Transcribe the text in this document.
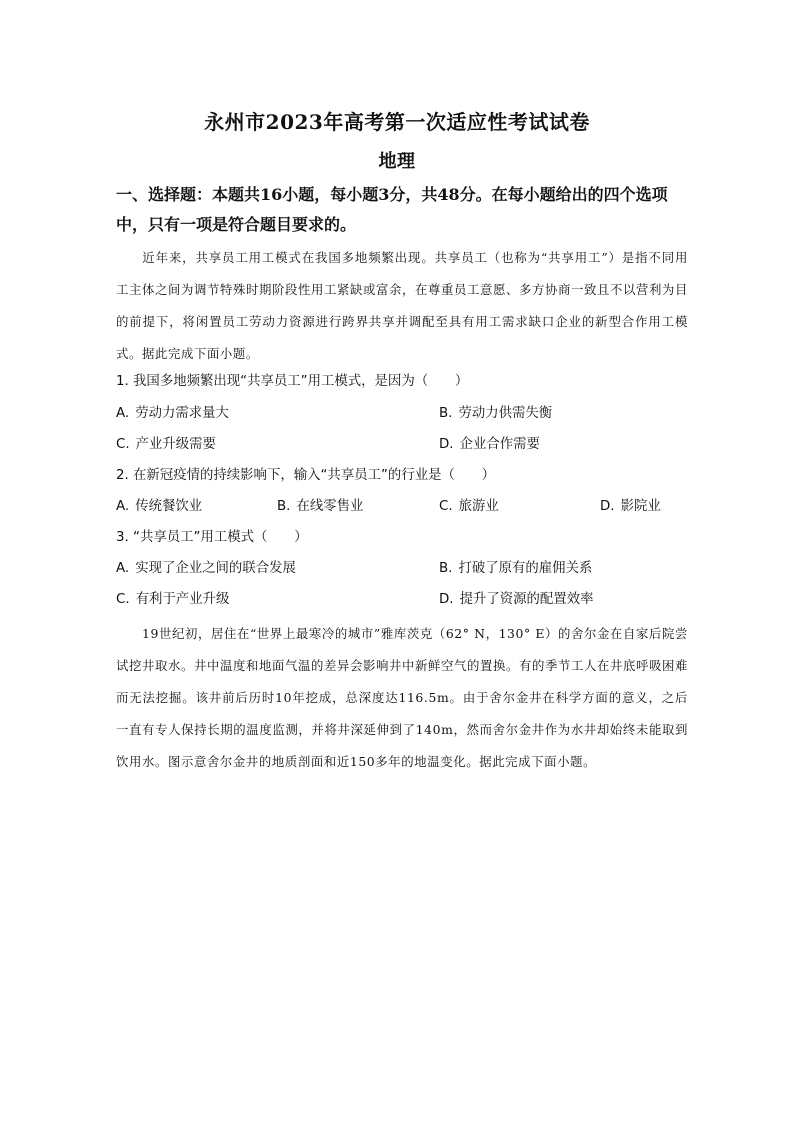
永州市2023年高考第一次适应性考试试卷
地理
一、选择题：本题共16小题，每小题3分，共48分。在每小题给出的四个选项
中，只有一项是符合题目要求的。
近年来，共享员工用工模式在我国多地频繁出现。共享员工（也称为“共享用工”）是指不同用工主体之间为调节特殊时期阶段性用工紧缺或富余，在尊重员工意愿、多方协商一致且不以营利为目的前提下，将闲置员工劳动力资源进行跨界共享并调配至具有用工需求缺口企业的新型合作用工模式。据此完成下面小题。
1. 我国多地频繁出现“共享员工”用工模式，是因为（　　）
A. 劳动力需求量大	B. 劳动力供需失衡
C. 产业升级需要	D. 企业合作需要
2. 在新冠疫情的持续影响下，输入“共享员工”的行业是（　　）
A. 传统餐饮业	B. 在线零售业	C. 旅游业	D. 影院业
3. “共享员工”用工模式（　　）
A. 实现了企业之间的联合发展	B. 打破了原有的雇佣关系
C. 有利于产业升级	D. 提升了资源的配置效率
19世纪初，居住在“世界上最寒冷的城市”雅库茨克（62° N，130° E）的舍尔金在自家后院尝试挖井取水。井中温度和地面气温的差异会影响井中新鲜空气的置换。有的季节工人在井底呼吸困难而无法挖掘。该井前后历时10年挖成，总深度达116.5m。由于舍尔金井在科学方面的意义，之后一直有专人保持长期的温度监测，并将井深延伸到了140m，然而舍尔金井作为水井却始终未能取到饮用水。图示意舍尔金井的地质剖面和近150多年的地温变化。据此完成下面小题。
